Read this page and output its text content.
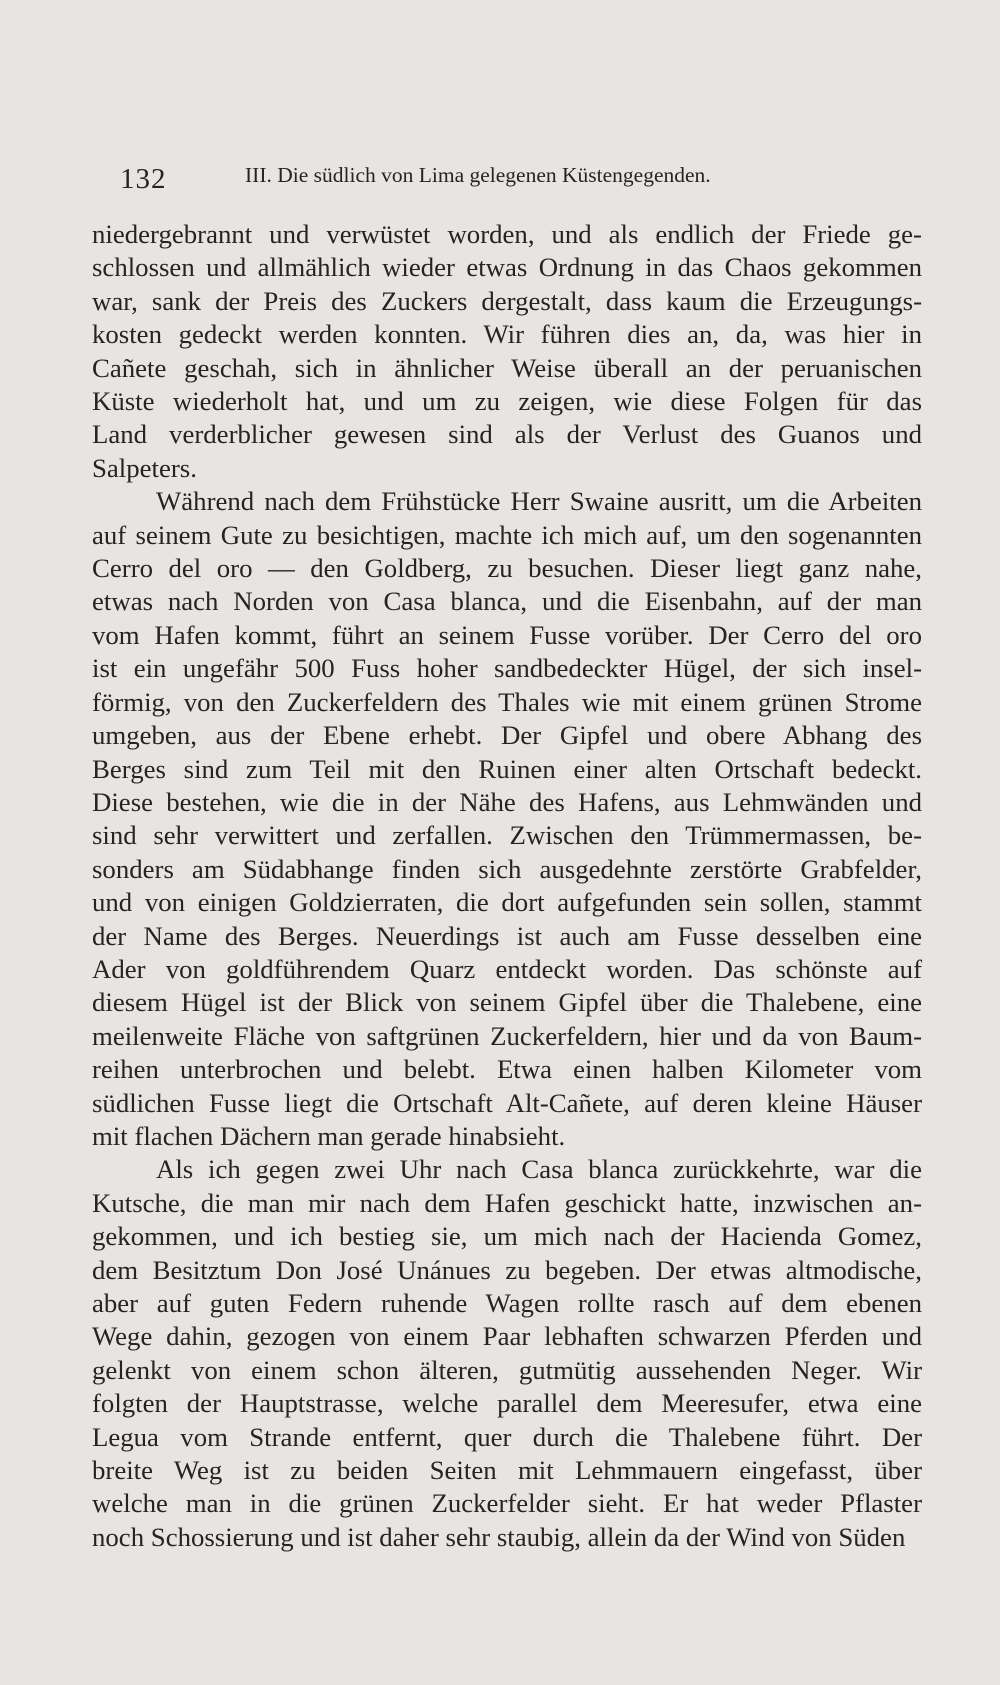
132	III. Die südlich von Lima gelegenen Küstengegenden.
niedergebrannt und verwüstet worden, und als endlich der Friede ge-
schlossen und allmählich wieder etwas Ordnung in das Chaos gekommen
war, sank der Preis des Zuckers dergestalt, dass kaum die Erzeugungs-
kosten gedeckt werden konnten. Wir führen dies an, da, was hier in
Cañete geschah, sich in ähnlicher Weise überall an der peruanischen
Küste wiederholt hat, und um zu zeigen, wie diese Folgen für das
Land verderblicher gewesen sind als der Verlust des Guanos und
Salpeters.
Während nach dem Frühstücke Herr Swaine ausritt, um die Arbeiten
auf seinem Gute zu besichtigen, machte ich mich auf, um den sogenannten
Cerro del oro — den Goldberg, zu besuchen. Dieser liegt ganz nahe,
etwas nach Norden von Casa blanca, und die Eisenbahn, auf der man
vom Hafen kommt, führt an seinem Fusse vorüber. Der Cerro del oro
ist ein ungefähr 500 Fuss hoher sandbedeckter Hügel, der sich insel-
förmig, von den Zuckerfeldern des Thales wie mit einem grünen Strome
umgeben, aus der Ebene erhebt. Der Gipfel und obere Abhang des
Berges sind zum Teil mit den Ruinen einer alten Ortschaft bedeckt.
Diese bestehen, wie die in der Nähe des Hafens, aus Lehmwänden und
sind sehr verwittert und zerfallen. Zwischen den Trümmermassen, be-
sonders am Südabhange finden sich ausgedehnte zerstörte Grabfelder,
und von einigen Goldzierraten, die dort aufgefunden sein sollen, stammt
der Name des Berges. Neuerdings ist auch am Fusse desselben eine
Ader von goldführendem Quarz entdeckt worden. Das schönste auf
diesem Hügel ist der Blick von seinem Gipfel über die Thalebene, eine
meilenweite Fläche von saftgrünen Zuckerfeldern, hier und da von Baum-
reihen unterbrochen und belebt. Etwa einen halben Kilometer vom
südlichen Fusse liegt die Ortschaft Alt-Cañete, auf deren kleine Häuser
mit flachen Dächern man gerade hinabsieht.
Als ich gegen zwei Uhr nach Casa blanca zurückkehrte, war die
Kutsche, die man mir nach dem Hafen geschickt hatte, inzwischen an-
gekommen, und ich bestieg sie, um mich nach der Hacienda Gomez,
dem Besitztum Don José Unánues zu begeben. Der etwas altmodische,
aber auf guten Federn ruhende Wagen rollte rasch auf dem ebenen
Wege dahin, gezogen von einem Paar lebhaften schwarzen Pferden und
gelenkt von einem schon älteren, gutmütig aussehenden Neger. Wir
folgten der Hauptstrasse, welche parallel dem Meeresufer, etwa eine
Legua vom Strande entfernt, quer durch die Thalebene führt. Der
breite Weg ist zu beiden Seiten mit Lehmmauern eingefasst, über
welche man in die grünen Zuckerfelder sieht. Er hat weder Pflaster
noch Schossierung und ist daher sehr staubig, allein da der Wind von Süden
